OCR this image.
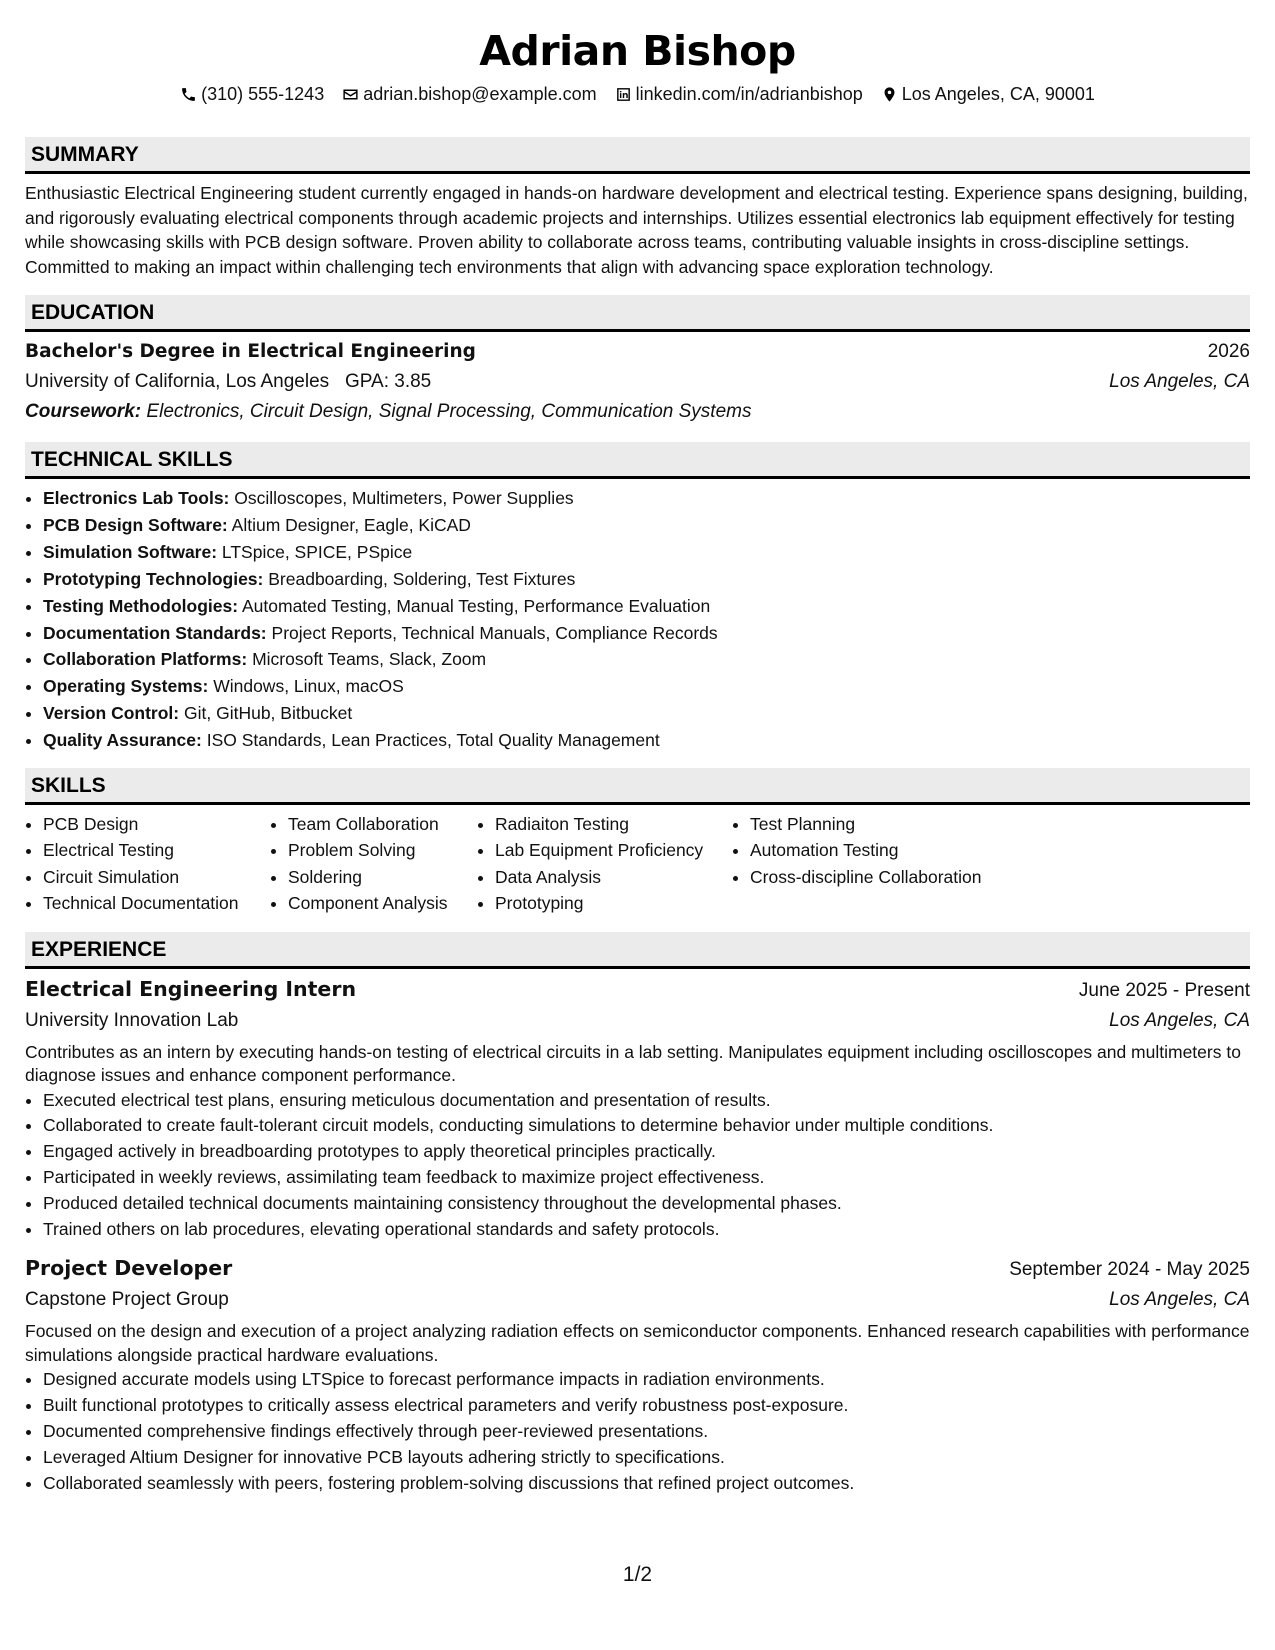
Adrian Bishop
(310) 555-1243 adrian.bishop@example.com linkedin.com/in/adrianbishop Los Angeles, CA, 90001
SUMMARY

Enthusiastic Electrical Engineering student currently engaged in hands-on hardware development and electrical testing. Experience spans designing, building, and rigorously evaluating electrical components through academic projects and internships. Utilizes essential electronics lab equipment effectively for testing while showcasing skills with PCB design software. Proven ability to collaborate across teams, contributing valuable insights in cross-discipline settings. Committed to making an impact within challenging tech environments that align with advancing space exploration technology.

EDUCATION
Bachelor's Degree in Electrical Engineering	2026
University of California, Los Angeles GPA: 3.85	Los Angeles, CA
Coursework: Electronics, Circuit Design, Signal Processing, Communication Systems
TECHNICAL SKILLS
• Electronics Lab Tools: Oscilloscopes, Multimeters, Power Supplies
• PCB Design Software: Altium Designer, Eagle, KiCAD
• Simulation Software: LTSpice, SPICE, PSpice
• Prototyping Technologies: Breadboarding, Soldering, Test Fixtures
• Testing Methodologies: Automated Testing, Manual Testing, Performance Evaluation
• Documentation Standards: Project Reports, Technical Manuals, Compliance Records
• Collaboration Platforms: Microsoft Teams, Slack, Zoom
• Operating Systems: Windows, Linux, macOS
• Version Control: Git, GitHub, Bitbucket
• Quality Assurance: ISO Standards, Lean Practices, Total Quality Management
SKILLS
• PCB Design
• Electrical Testing
• Circuit Simulation
• Technical Documentation
• Team Collaboration
• Problem Solving
• Soldering
• Component Analysis
• Radiaiton Testing
• Lab Equipment Proficiency
• Data Analysis
• Prototyping
• Test Planning
• Automation Testing
• Cross-discipline Collaboration
EXPERIENCE
Electrical Engineering Intern	June 2025 - Present
University Innovation Lab	Los Angeles, CA

Contributes as an intern by executing hands-on testing of electrical circuits in a lab setting. Manipulates equipment including oscilloscopes and multimeters to diagnose issues and enhance component performance.

• Executed electrical test plans, ensuring meticulous documentation and presentation of results.
• Collaborated to create fault-tolerant circuit models, conducting simulations to determine behavior under multiple conditions.
• Engaged actively in breadboarding prototypes to apply theoretical principles practically.
• Participated in weekly reviews, assimilating team feedback to maximize project effectiveness.
• Produced detailed technical documents maintaining consistency throughout the developmental phases.
• Trained others on lab procedures, elevating operational standards and safety protocols.
Project Developer	September 2024 - May 2025
Capstone Project Group	Los Angeles, CA

Focused on the design and execution of a project analyzing radiation effects on semiconductor components. Enhanced research capabilities with performance simulations alongside practical hardware evaluations.

• Designed accurate models using LTSpice to forecast performance impacts in radiation environments.
• Built functional prototypes to critically assess electrical parameters and verify robustness post-exposure.
• Documented comprehensive findings effectively through peer-reviewed presentations.
• Leveraged Altium Designer for innovative PCB layouts adhering strictly to specifications.
• Collaborated seamlessly with peers, fostering problem-solving discussions that refined project outcomes.
1/2
